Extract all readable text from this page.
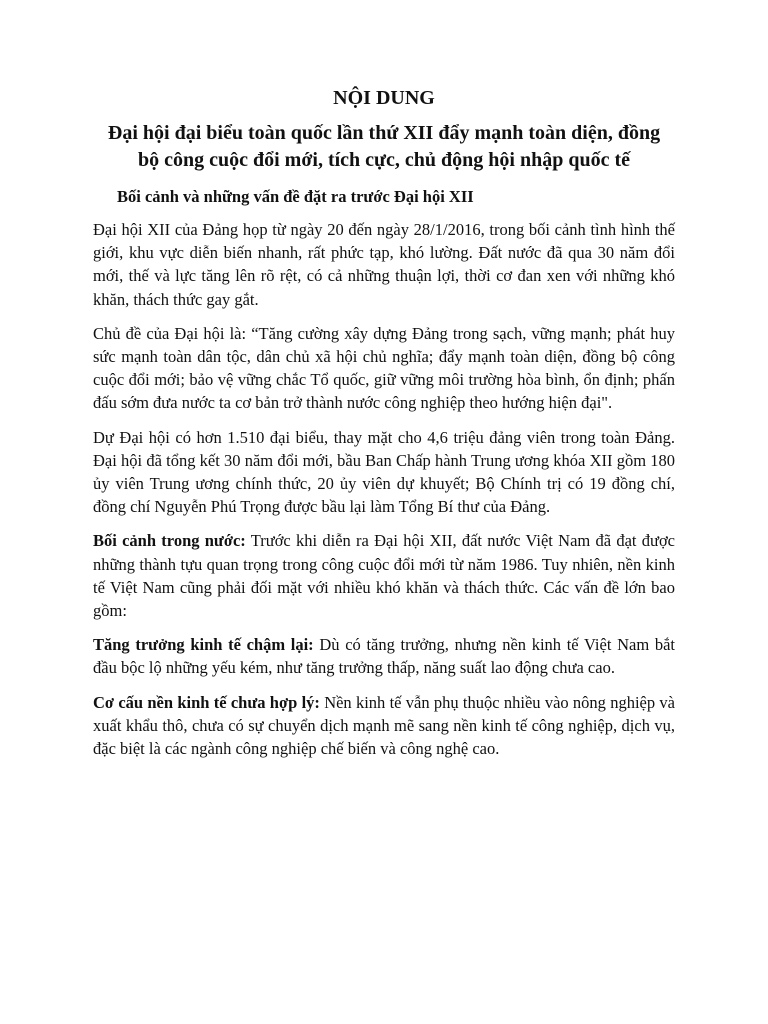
NỘI DUNG
Đại hội đại biểu toàn quốc lần thứ XII đẩy mạnh toàn diện, đồng bộ công cuộc đổi mới, tích cực, chủ động hội nhập quốc tế
Bối cảnh và những vấn đề đặt ra trước Đại hội XII

Đại hội XII của Đảng họp từ ngày 20 đến ngày 28/1/2016, trong bối cảnh tình hình thế giới, khu vực diễn biến nhanh, rất phức tạp, khó lường. Đất nước đã qua 30 năm đổi mới, thế và lực tăng lên rõ rệt, có cả những thuận lợi, thời cơ đan xen với những khó khăn, thách thức gay gắt.

Chủ đề của Đại hội là: “Tăng cường xây dựng Đảng trong sạch, vững mạnh; phát huy sức mạnh toàn dân tộc, dân chủ xã hội chủ nghĩa; đẩy mạnh toàn diện, đồng bộ công cuộc đổi mới; bảo vệ vững chắc Tổ quốc, giữ vững môi trường hòa bình, ổn định; phấn đấu sớm đưa nước ta cơ bản trở thành nước công nghiệp theo hướng hiện đại".

Dự Đại hội có hơn 1.510 đại biểu, thay mặt cho 4,6 triệu đảng viên trong toàn Đảng. Đại hội đã tổng kết 30 năm đổi mới, bầu Ban Chấp hành Trung ương khóa XII gồm 180 ủy viên Trung ương chính thức, 20 ủy viên dự khuyết; Bộ Chính trị có 19 đồng chí, đồng chí Nguyễn Phú Trọng được bầu lại làm Tổng Bí thư của Đảng.

Bối cảnh trong nước: Trước khi diễn ra Đại hội XII, đất nước Việt Nam đã đạt được những thành tựu quan trọng trong công cuộc đổi mới từ năm 1986. Tuy nhiên, nền kinh tế Việt Nam cũng phải đối mặt với nhiều khó khăn và thách thức. Các vấn đề lớn bao gồm:

Tăng trưởng kinh tế chậm lại: Dù có tăng trưởng, nhưng nền kinh tế Việt Nam bắt đầu bộc lộ những yếu kém, như tăng trưởng thấp, năng suất lao động chưa cao.

Cơ cấu nền kinh tế chưa hợp lý: Nền kinh tế vẫn phụ thuộc nhiều vào nông nghiệp và xuất khẩu thô, chưa có sự chuyển dịch mạnh mẽ sang nền kinh tế công nghiệp, dịch vụ, đặc biệt là các ngành công nghiệp chế biến và công nghệ cao.
